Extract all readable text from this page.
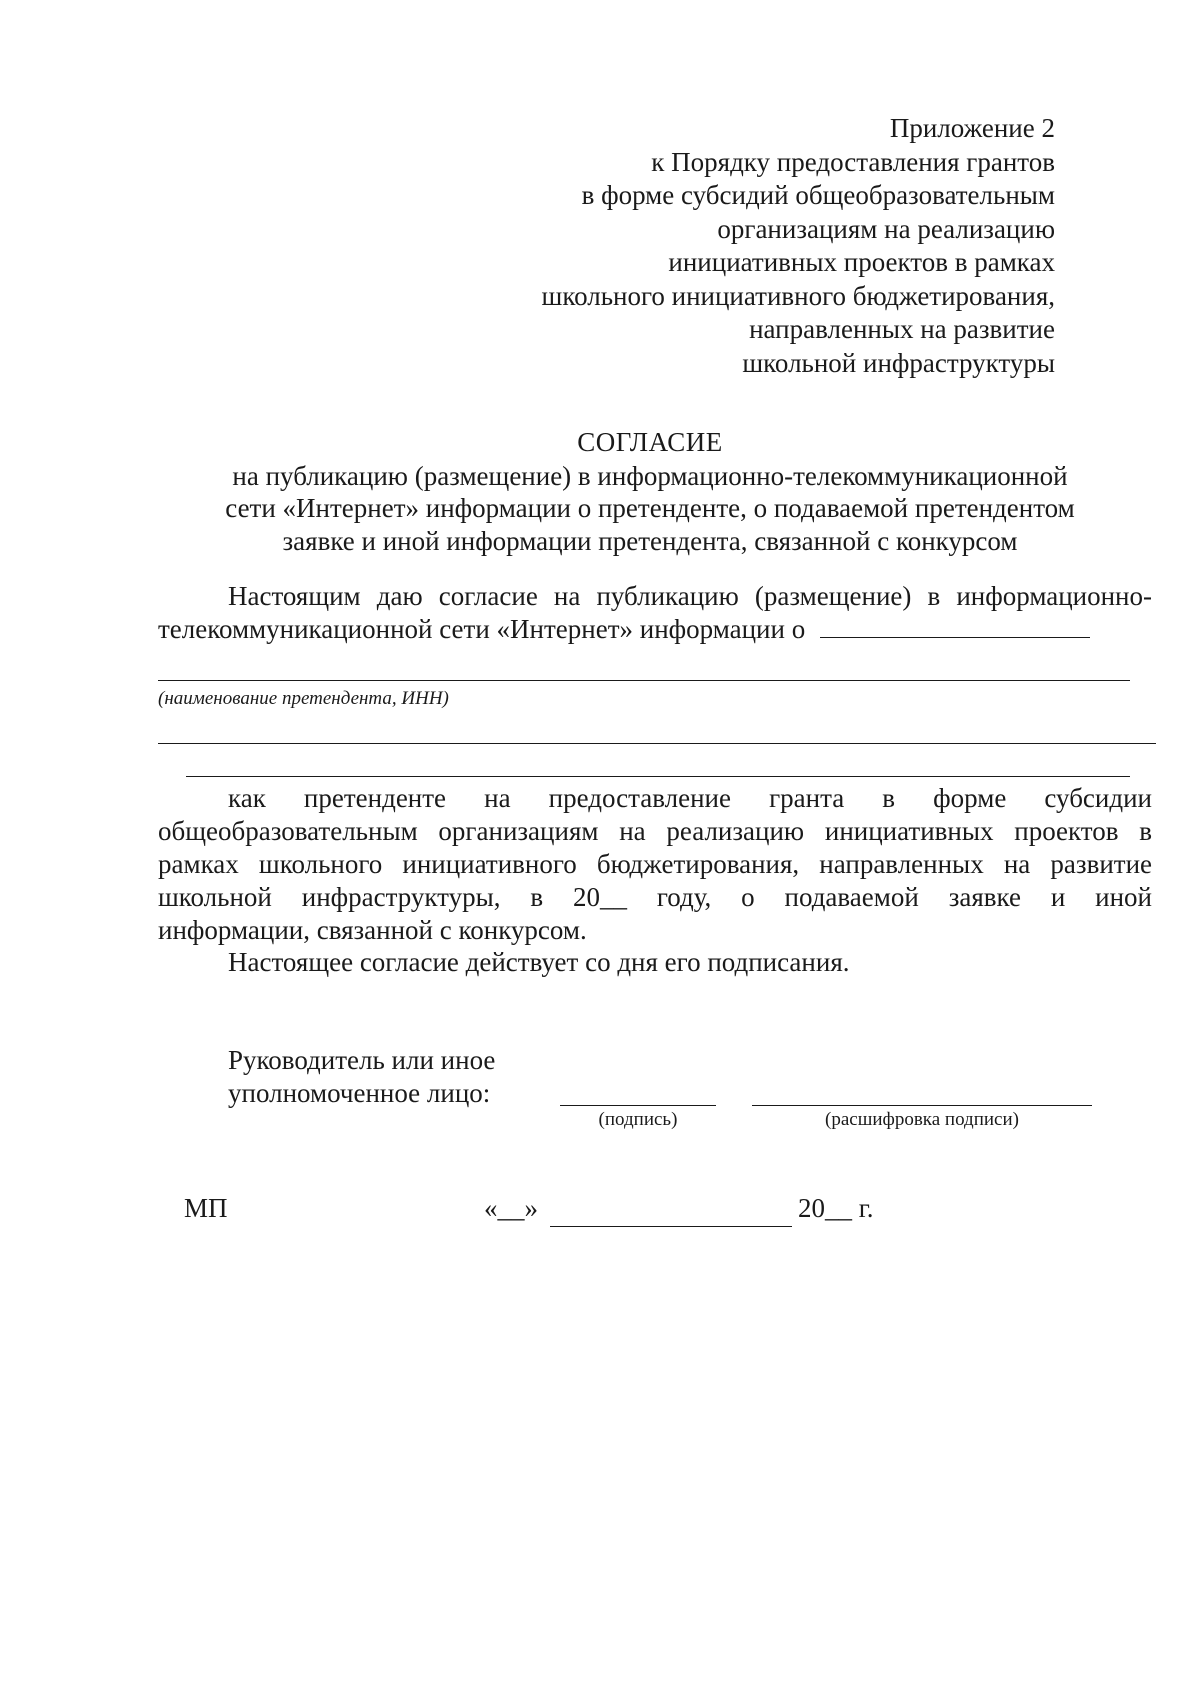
Приложение 2
к Порядку предоставления грантов
в форме субсидий общеобразовательным
организациям на реализацию
инициативных проектов в рамках
школьного инициативного бюджетирования,
направленных на развитие
школьной инфраструктуры
СОГЛАСИЕ
на публикацию (размещение) в информационно-телекоммуникационной
сети «Интернет» информации о претенденте, о подаваемой претендентом
заявке и иной информации претендента, связанной с конкурсом
Настоящим даю согласие на публикацию (размещение) в информационно-
телекоммуникационной сети «Интернет» информации о
(наименование претендента, ИНН)
как претенденте на предоставление гранта в форме субсидии
общеобразовательным организациям на реализацию инициативных проектов в
рамках школьного инициативного бюджетирования, направленных на развитие
школьной инфраструктуры, в 20__ году, о подаваемой заявке и иной
информации, связанной с конкурсом.
Настоящее согласие действует со дня его подписания.
Руководитель или иное
уполномоченное лицо:
(подпись)	(расшифровка подписи)
МП	«__»	20__ г.
